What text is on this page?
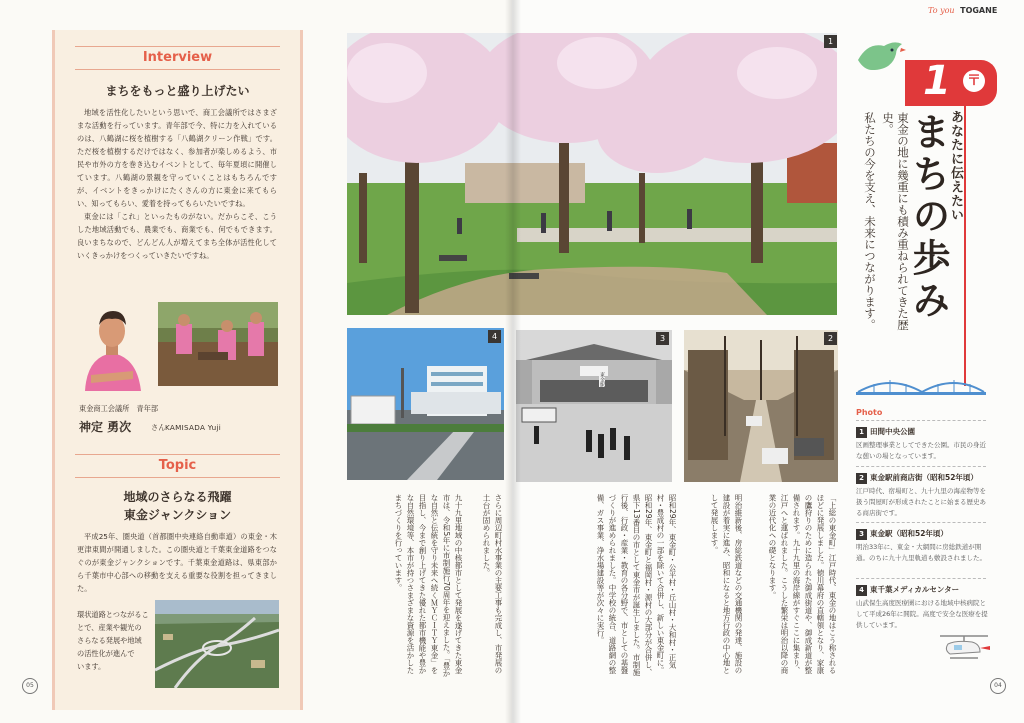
Interview
まちをもっと盛り上げたい
地域を活性化したいという思いで、商工会議所ではさまざまな活動を行っています。青年部で今、特に力を入れているのは、八鶴湖に桜を植樹する「八鶴湖クリーン作戦」です。ただ桜を植樹するだけではなく、参加者が楽しめるよう、市民や市外の方を巻き込むイベントとして、毎年夏頃に開催しています。八鶴湖の景観を守っていくことはもちろんですが、イベントをきっかけにたくさんの方に東金に来てもらい、知ってもらい、愛着を持ってもらいたいですね。
東金には「これ」といったものがない。だからこそ、こうした地域活動でも、農業でも、商業でも、何でもできます。良いまちなので、どんどん人が増えてまち全体が活性化していくきっかけをつくっていきたいですね。
東金商工会議所　青年部
神定 勇次	さん KAMISADA Yuji
Topic
地域のさらなる飛躍
東金ジャンクション
平成25年、圏央道（首都圏中央連絡自動車道）の東金・木更津東間が開通しました。この圏央道と千葉東金道路をつなぐのが東金ジャンクションです。千葉東金道路は、県東部から千葉市中心部への移動を支える重要な役割を担ってきました。
環状道路とつながるこ
とで、産業や観光の
さらなる発展や地域
の活性化が進んで
います。
05
1
4
東金駅
3	2
「上総の東金町」江戸時代、東金の地はこう称されるほどに発展しました。徳川幕府の直轄領となり、家康の鷹狩りのために造られた御成街道や、御成新道が整備されます。九十九里の海岸線がすぐここに集まり、江戸へと運ばれました。こうした繁栄は明治以降の商業の近代化への礎となります。
明治維新後、房総鉄道などの交通機関の発達、施設の建設が着実に進み、昭和になると地方行政の中心地として発展します。
昭和29年、東金町・公平村・丘山村・大和村・正気村・豊成村の一部を除いて合併し、新しい東金町に。昭和29年、東金町と福岡村・源村の大部分が合併し、県下13番目の市として東金市が誕生しました。市制施行後、行政・産業・教育の各分野で、市としての基盤づくりが進められました。中学校の統合、道路網の整備、ガス事業、浄水場建設等が次々に実行。
さらに周辺町村水事業の主要工事も完成し、市発展の土台が固められました。
九十九里地域の中核都市として発展を遂げてきた東金市は、令和5年に市制施行70周年を迎えました。「豊かな自然と伝統を守り未来へ続くＭＹＣＩＴＹ東金」を目指し、今まで創り上げてきた優れた都市機能や豊かな自然環境等、本市が持つさまざまな資源を活かしたまちづくりを行っています。
To you TOGANE
1 〒
あなたに伝えたい
まちの歩み
東金の地に幾重にも積み重ねられてきた歴史。
私たちの今を支え、未来につながります。
Photo
1 田間中央公園
区画整理事業としてできた公園。市民の身近な憩いの場となっています。
2 東金駅前商店街（昭和52年頃）
江戸時代、宿場町と、九十九里の海産物等を扱う問屋町が形成されたことに始まる歴史ある商店街です。
3 東金駅（昭和52年頃）
明治33年に、東金・大網間に房総鉄道が開通。のちに九十九里軌道も敷設されました。
4 東千葉メディカルセンター
山武保生高度医療圏における地域中核病院として平成26年に開院。高度で安全な医療を提供しています。
04
